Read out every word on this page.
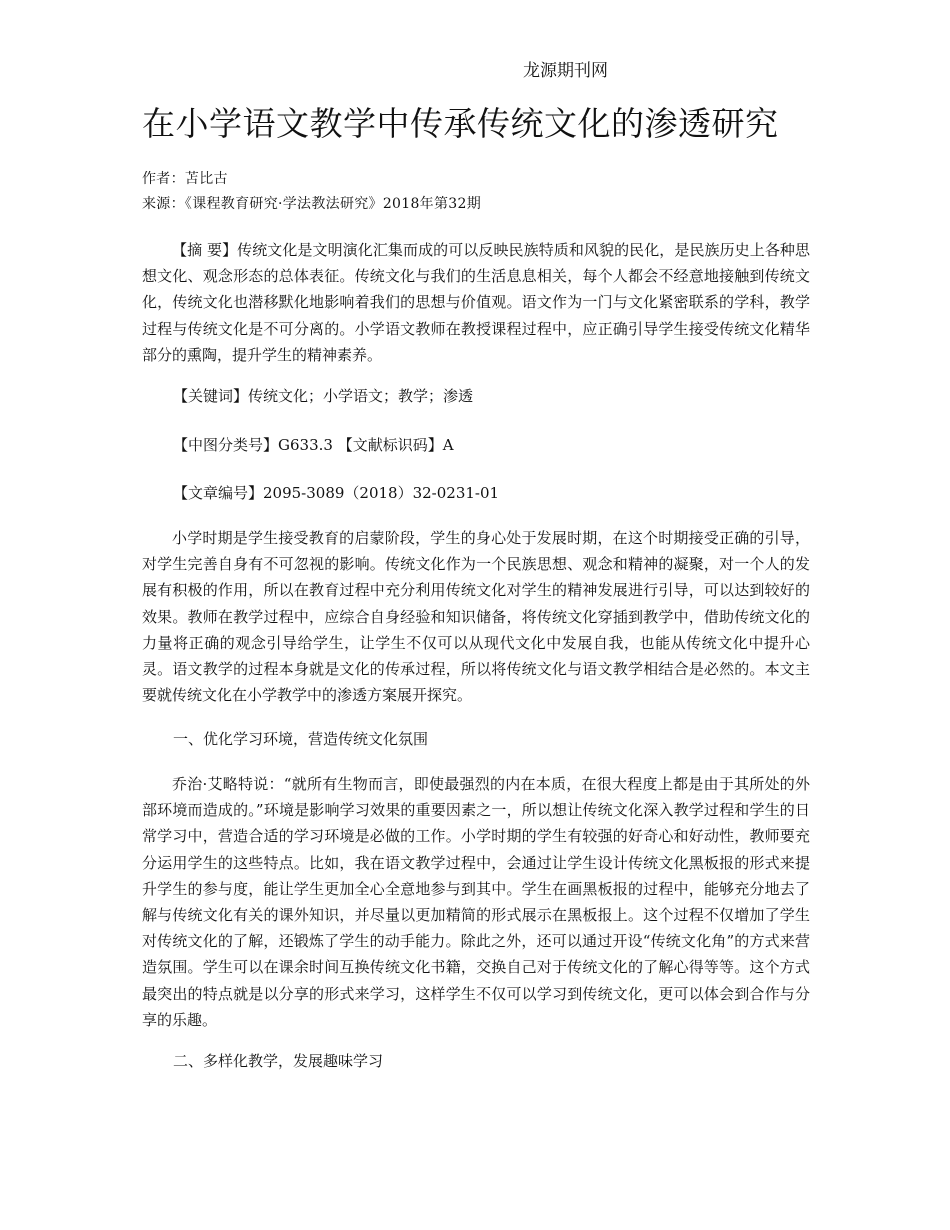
龙源期刊网
在小学语文教学中传承传统文化的渗透研究
作者：苫比古
来源：《课程教育研究·学法教法研究》2018年第32期

【摘 要】传统文化是文明演化汇集而成的可以反映民族特质和风貌的民化，是民族历史上各种思想文化、观念形态的总体表征。传统文化与我们的生活息息相关，每个人都会不经意地接触到传统文化，传统文化也潜移默化地影响着我们的思想与价值观。语文作为一门与文化紧密联系的学科，教学过程与传统文化是不可分离的。小学语文教师在教授课程过程中，应正确引导学生接受传统文化精华部分的熏陶，提升学生的精神素养。

【关键词】传统文化；小学语文；教学；渗透
【中图分类号】G633.3 【文献标识码】A
【文章编号】2095-3089（2018）32-0231-01

小学时期是学生接受教育的启蒙阶段，学生的身心处于发展时期，在这个时期接受正确的引导，对学生完善自身有不可忽视的影响。传统文化作为一个民族思想、观念和精神的凝聚，对一个人的发展有积极的作用，所以在教育过程中充分利用传统文化对学生的精神发展进行引导，可以达到较好的效果。教师在教学过程中，应综合自身经验和知识储备，将传统文化穿插到教学中，借助传统文化的力量将正确的观念引导给学生，让学生不仅可以从现代文化中发展自我，也能从传统文化中提升心灵。语文教学的过程本身就是文化的传承过程，所以将传统文化与语文教学相结合是必然的。本文主要就传统文化在小学教学中的渗透方案展开探究。

一、优化学习环境，营造传统文化氛围

乔治·艾略特说：“就所有生物而言，即使最强烈的内在本质，在很大程度上都是由于其所处的外部环境而造成的。”环境是影响学习效果的重要因素之一，所以想让传统文化深入教学过程和学生的日常学习中，营造合适的学习环境是必做的工作。小学时期的学生有较强的好奇心和好动性，教师要充分运用学生的这些特点。比如，我在语文教学过程中，会通过让学生设计传统文化黑板报的形式来提升学生的参与度，能让学生更加全心全意地参与到其中。学生在画黑板报的过程中，能够充分地去了解与传统文化有关的课外知识，并尽量以更加精简的形式展示在黑板报上。这个过程不仅增加了学生对传统文化的了解，还锻炼了学生的动手能力。除此之外，还可以通过开设“传统文化角”的方式来营造氛围。学生可以在课余时间互换传统文化书籍，交换自己对于传统文化的了解心得等等。这个方式最突出的特点就是以分享的形式来学习，这样学生不仅可以学习到传统文化，更可以体会到合作与分享的乐趣。

二、多样化教学，发展趣味学习
